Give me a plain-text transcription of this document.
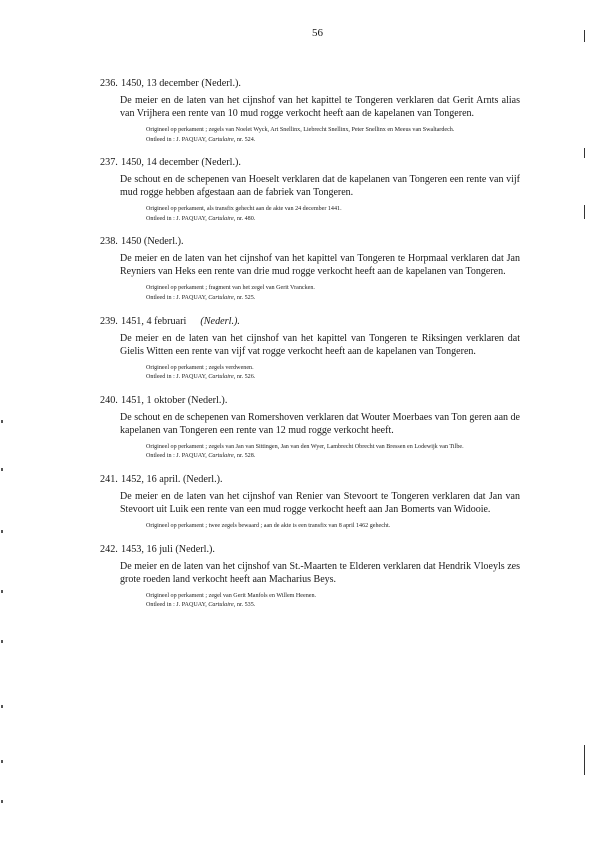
56
236. 1450, 13 december (Nederl.).
De meier en de laten van het cijnshof van het kapittel te Tongeren verklaren dat Gerit Arnts alias van Vrijhera een rente van 10 mud rogge verkocht heeft aan de kapelanen van Tongeren.
Origineel op perkament ; zegels van Noelet Wyck, Art Snellinx, Liebrecht Snellinx, Peter Snellinx en Meeus van Swaltardech.
Ontleed in : J. PAQUAY, Cartulaire, nr. 524.
237. 1450, 14 december (Nederl.).
De schout en de schepenen van Hoeselt verklaren dat de kapelanen van Tongeren een rente van vijf mud rogge hebben afgestaan aan de fabriek van Tongeren.
Origineel op perkament, als transfix gehecht aan de akte van 24 december 1441.
Ontleed in : J. PAQUAY, Cartulaire, nr. 480.
238. 1450 (Nederl.).
De meier en de laten van het cijnshof van het kapittel van Tongeren te Horpmaal verklaren dat Jan Reyniers van Heks een rente van drie mud rogge verkocht heeft aan de kapelanen van Tongeren.
Origineel op perkament ; fragment van het zegel van Gerit Vrancken.
Ontleed in : J. PAQUAY, Cartulaire, nr. 525.
239. 1451, 4 februari (Nederl.).
De meier en de laten van het cijnshof van het kapittel van Tongeren te Riksingen verklaren dat Gielis Witten een rente van vijf vat rogge verkocht heeft aan de kapelanen van Tongeren.
Origineel op perkament ; zegels verdwenen.
Ontleed in : J. PAQUAY, Cartulaire, nr. 526.
240. 1451, 1 oktober (Nederl.).
De schout en de schepenen van Romershoven verklaren dat Wouter Moerbaes van Ton geren aan de kapelanen van Tongeren een rente van 12 mud rogge verkocht heeft.
Origineel op perkament ; zegels van Jan van Sittingen, Jan van den Wyer, Lambrecht Obrecht van Bressen en Lodewijk van Tilbe.
Ontleed in : J. PAQUAY, Cartulaire, nr. 528.
241. 1452, 16 april. (Nederl.).
De meier en de laten van het cijnshof van Renier van Stevoort te Tongeren verklaren dat Jan van Stevoort uit Luik een rente van een mud rogge verkocht heeft aan Jan Bomerts van Widooie.
Origineel op perkament ; twee zegels bewaard ; aan de akte is een transfix van 8 april 1462 gehecht.
242. 1453, 16 juli (Nederl.).
De meier en de laten van het cijnshof van St.-Maarten te Elderen verklaren dat Hendrik Vloeyls zes grote roeden land verkocht heeft aan Macharius Beys.
Origineel op perkament ; zegel van Gerit Manfols en Willem Heenen.
Ontleed in : J. PAQUAY, Cartulaire, nr. 535.
